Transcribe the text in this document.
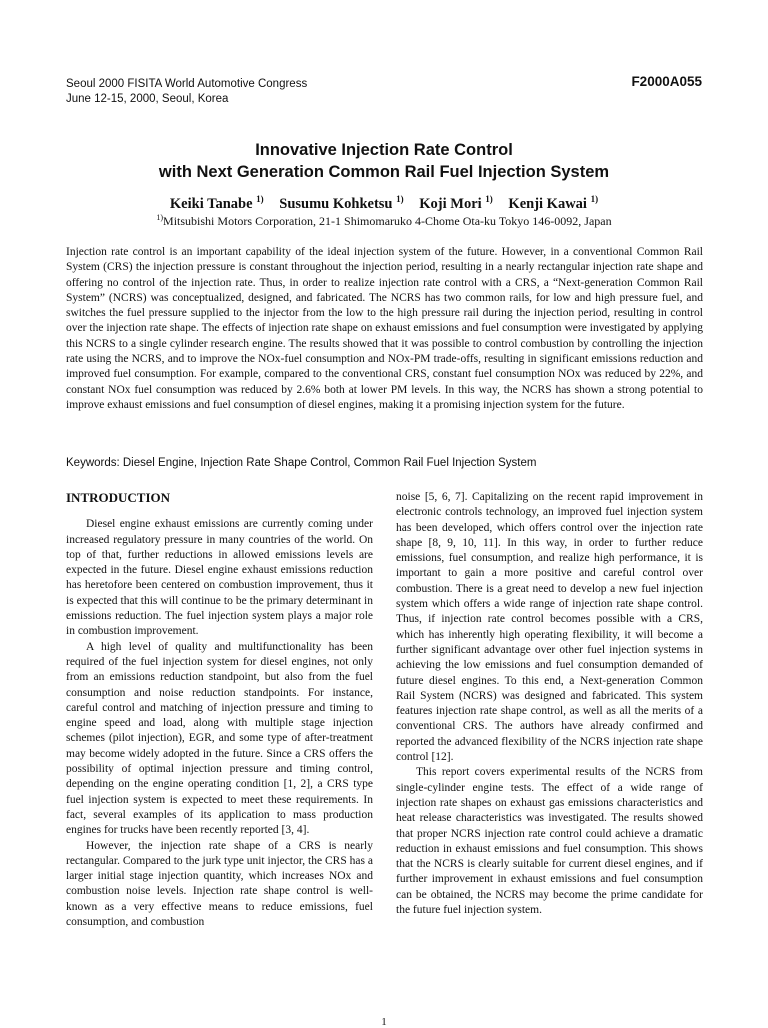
Seoul 2000 FISITA World Automotive Congress
June 12-15, 2000, Seoul, Korea
F2000A055
Innovative Injection Rate Control
with Next Generation Common Rail Fuel Injection System
Keiki Tanabe $^{1)}$ Susumu Kohketsu $^{1)}$ Koji Mori $^{1)}$ Kenji Kawai $^{1)}$
$^{1)}$Mitsubishi Motors Corporation, 21-1 Shimomaruko 4-Chome Ota-ku Tokyo 146-0092, Japan
Injection rate control is an important capability of the ideal injection system of the future. However, in a conventional Common Rail System (CRS) the injection pressure is constant throughout the injection period, resulting in a nearly rectangular injection rate shape and offering no control of the injection rate. Thus, in order to realize injection rate control with a CRS, a “Next-generation Common Rail System” (NCRS) was conceptualized, designed, and fabricated. The NCRS has two common rails, for low and high pressure fuel, and switches the fuel pressure supplied to the injector from the low to the high pressure rail during the injection period, resulting in control over the injection rate shape. The effects of injection rate shape on exhaust emissions and fuel consumption were investigated by applying this NCRS to a single cylinder research engine. The results showed that it was possible to control combustion by controlling the injection rate using the NCRS, and to improve the NOx-fuel consumption and NOx-PM trade-offs, resulting in significant emissions reduction and improved fuel consumption. For example, compared to the conventional CRS, constant fuel consumption NOx was reduced by 22%, and constant NOx fuel consumption was reduced by 2.6% both at lower PM levels. In this way, the NCRS has shown a strong potential to improve exhaust emissions and fuel consumption of diesel engines, making it a promising injection system for the future.
Keywords: Diesel Engine, Injection Rate Shape Control, Common Rail Fuel Injection System
INTRODUCTION

Diesel engine exhaust emissions are currently coming under increased regulatory pressure in many countries of the world. On top of that, further reductions in allowed emissions levels are expected in the future. Diesel engine exhaust emissions reduction has heretofore been centered on combustion improvement, thus it is expected that this will continue to be the primary determinant in emissions reduction. The fuel injection system plays a major role in combustion improvement.

A high level of quality and multifunctionality has been required of the fuel injection system for diesel engines, not only from an emissions reduction standpoint, but also from the fuel consumption and noise reduction standpoints. For instance, careful control and matching of injection pressure and timing to engine speed and load, along with multiple stage injection schemes (pilot injection), EGR, and some type of after-treatment may become widely adopted in the future. Since a CRS offers the possibility of optimal injection pressure and timing control, depending on the engine operating condition [1, 2], a CRS type fuel injection system is expected to meet these requirements. In fact, several examples of its application to mass production engines for trucks have been recently reported [3, 4].

However, the injection rate shape of a CRS is nearly rectangular. Compared to the jurk type unit injector, the CRS has a larger initial stage injection quantity, which increases NOx and combustion noise levels. Injection rate shape control is well-known as a very effective means to reduce emissions, fuel consumption, and combustion

noise [5, 6, 7]. Capitalizing on the recent rapid improvement in electronic controls technology, an improved fuel injection system has been developed, which offers control over the injection rate shape [8, 9, 10, 11]. In this way, in order to further reduce emissions, fuel consumption, and realize high performance, it is important to gain a more positive and careful control over combustion. There is a great need to develop a new fuel injection system which offers a wide range of injection rate shape control. Thus, if injection rate control becomes possible with a CRS, which has inherently high operating flexibility, it will become a further significant advantage over other fuel injection systems in achieving the low emissions and fuel consumption demanded of future diesel engines. To this end, a Next-generation Common Rail System (NCRS) was designed and fabricated. This system features injection rate shape control, as well as all the merits of a conventional CRS. The authors have already confirmed and reported the advanced flexibility of the NCRS injection rate shape control [12].

This report covers experimental results of the NCRS from single-cylinder engine tests. The effect of a wide range of injection rate shapes on exhaust gas emissions characteristics and heat release characteristics was investigated. The results showed that proper NCRS injection rate control could achieve a dramatic reduction in exhaust emissions and fuel consumption. This shows that the NCRS is clearly suitable for current diesel engines, and if further improvement in exhaust emissions and fuel consumption can be obtained, the NCRS may become the prime candidate for the future fuel injection system.

1
